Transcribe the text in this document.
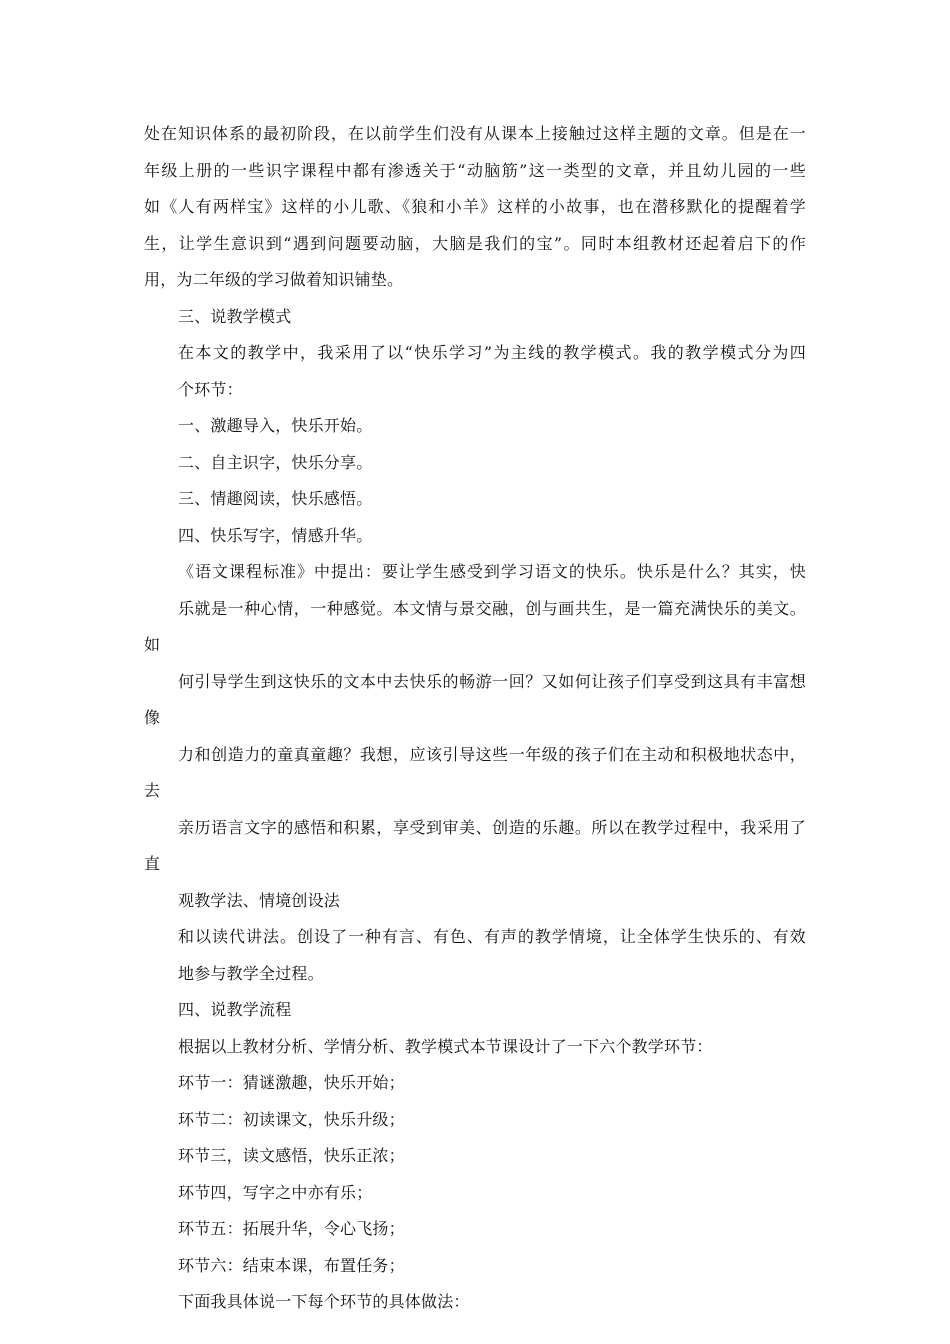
处在知识体系的最初阶段，在以前学生们没有从课本上接触过这样主题的文章。但是在一
年级上册的一些识字课程中都有渗透关于“动脑筋”这一类型的文章，并且幼儿园的一些
如《人有两样宝》这样的小儿歌、《狼和小羊》这样的小故事，也在潜移默化的提醒着学
生，让学生意识到“遇到问题要动脑，大脑是我们的宝”。同时本组教材还起着启下的作
用，为二年级的学习做着知识铺垫。

三、说教学模式

在本文的教学中，我采用了以“快乐学习”为主线的教学模式。我的教学模式分为四
个环节：

一、激趣导入，快乐开始。

二、自主识字，快乐分享。

三、情趣阅读，快乐感悟。

四、快乐写字，情感升华。

《语文课程标准》中提出：要让学生感受到学习语文的快乐。快乐是什么？其实，快
乐就是一种心情，一种感觉。本文情与景交融，创与画共生，是一篇充满快乐的美文。如
何引导学生到这快乐的文本中去快乐的畅游一回？又如何让孩子们享受到这具有丰富想像
力和创造力的童真童趣？我想，应该引导这些一年级的孩子们在主动和积极地状态中，去
亲历语言文字的感悟和积累，享受到审美、创造的乐趣。所以在教学过程中，我采用了直
观教学法、情境创设法

和以读代讲法。创设了一种有言、有色、有声的教学情境，让全体学生快乐的、有效
地参与教学全过程。

四、说教学流程

根据以上教材分析、学情分析、教学模式本节课设计了一下六个教学环节：

环节一：猜谜激趣，快乐开始；

环节二：初读课文，快乐升级；

环节三，读文感悟，快乐正浓；

环节四，写字之中亦有乐；

环节五：拓展升华，令心飞扬；

环节六：结束本课，布置任务；

下面我具体说一下每个环节的具体做法：
